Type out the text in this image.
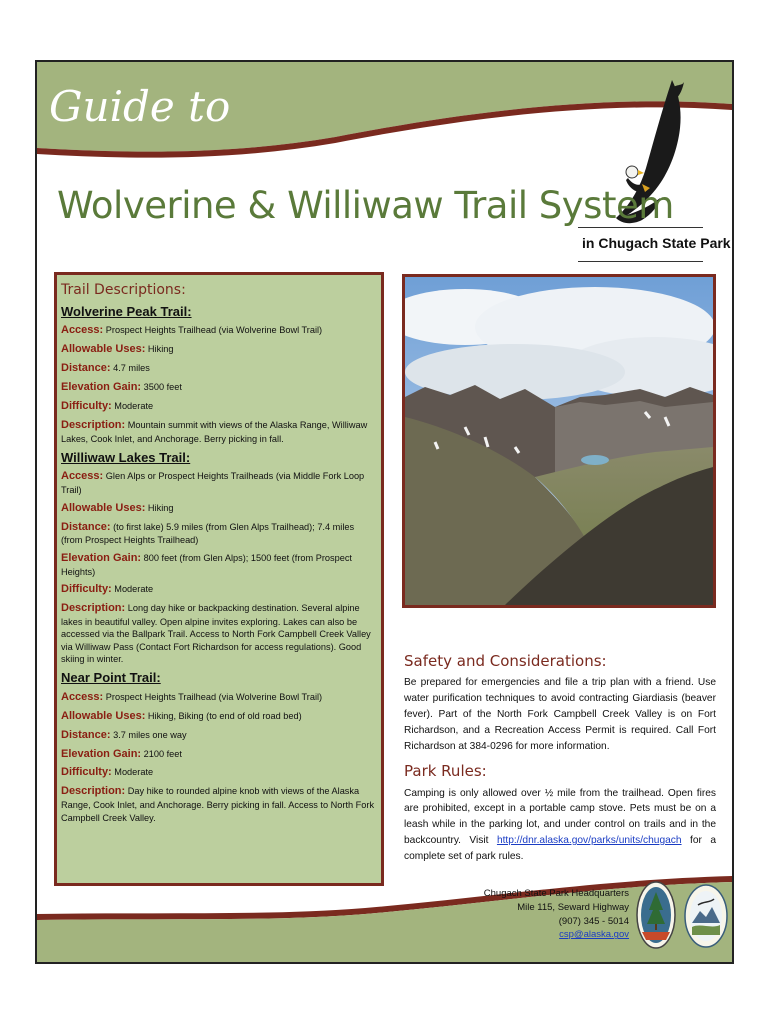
Guide to
Wolverine & Williwaw Trail System

in Chugach State Park

Trail Descriptions:
Wolverine Peak Trail:
Access: Prospect Heights Trailhead (via Wolverine Bowl Trail)
Allowable Uses: Hiking
Distance: 4.7 miles
Elevation Gain: 3500 feet
Difficulty: Moderate
Description: Mountain summit with views of the Alaska Range, Williwaw Lakes, Cook Inlet, and Anchorage. Berry picking in fall.
Williwaw Lakes Trail:
Access: Glen Alps or Prospect Heights Trailheads (via Middle Fork Loop Trail)
Allowable Uses: Hiking
Distance: (to first lake) 5.9 miles (from Glen Alps Trailhead); 7.4 miles (from Prospect Heights Trailhead)
Elevation Gain: 800 feet (from Glen Alps); 1500 feet (from Prospect Heights)
Difficulty: Moderate
Description: Long day hike or backpacking destination. Several alpine lakes in beautiful valley. Open alpine invites exploring. Lakes can also be accessed via the Ballpark Trail. Access to North Fork Campbell Creek Valley via Williwaw Pass (Contact Fort Richardson for access regulations). Good skiing in winter.
Near Point Trail:
Access: Prospect Heights Trailhead (via Wolverine Bowl Trail)
Allowable Uses: Hiking, Biking (to end of old road bed)
Distance: 3.7 miles one way
Elevation Gain: 2100 feet
Difficulty: Moderate
Description: Day hike to rounded alpine knob with views of the Alaska Range, Cook Inlet, and Anchorage. Berry picking in fall. Access to North Fork Campbell Creek Valley.
Safety and Considerations:

Be prepared for emergencies and file a trip plan with a friend. Use water purification techniques to avoid contracting Giardiasis (beaver fever). Part of the North Fork Campbell Creek Valley is on Fort Richardson, and a Recreation Access Permit is required. Call Fort Richardson at 384-0296 for more information.

Park Rules:

Camping is only allowed over ½ mile from the trailhead. Open fires are prohibited, except in a portable camp stove. Pets must be on a leash while in the parking lot, and under control on trails and in the backcountry. Visit http://dnr.alaska.gov/parks/units/chugach for a complete set of park rules.

Chugach State Park Headquarters
Mile 115, Seward Highway
(907) 345 - 5014
csp@alaska.gov
